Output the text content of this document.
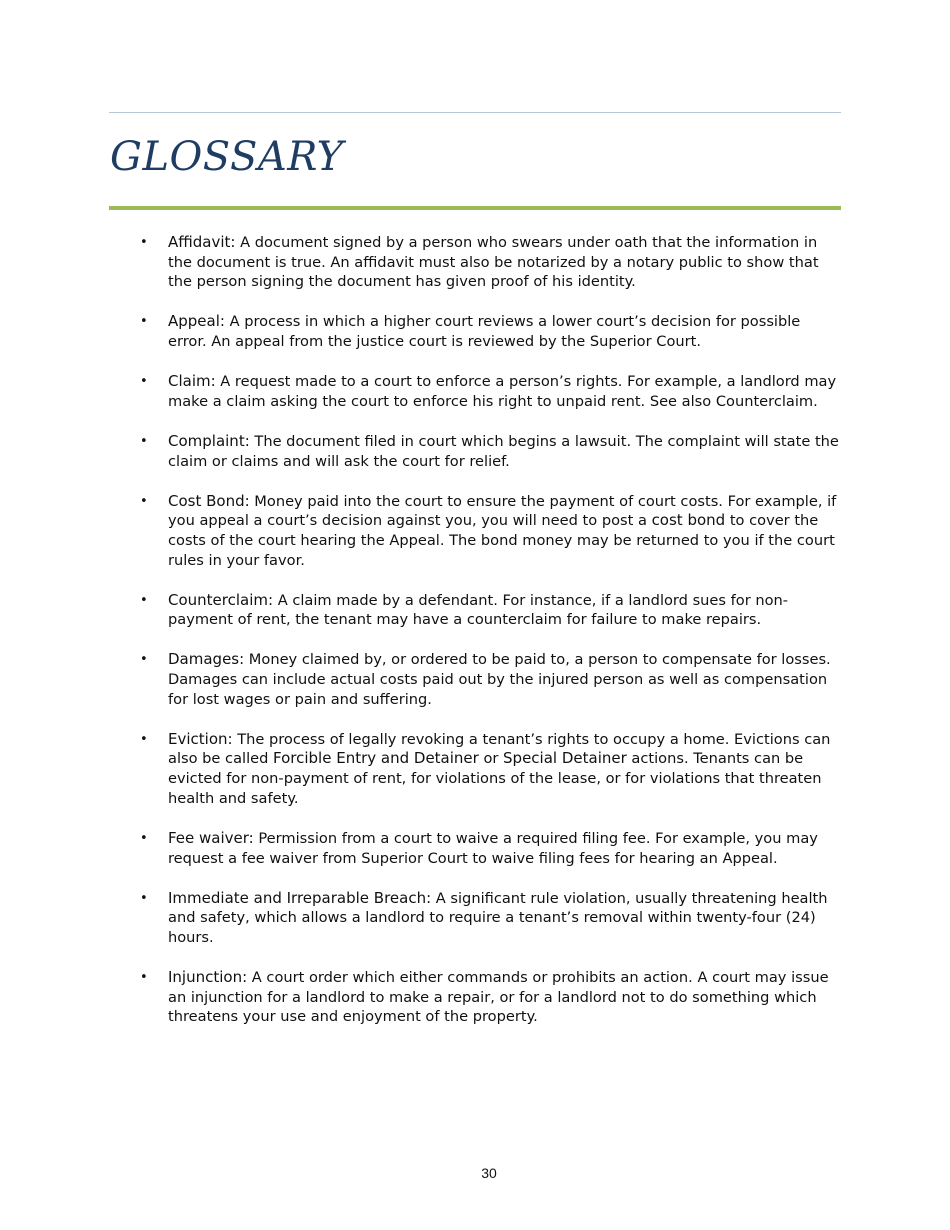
GLOSSARY
• Affidavit: A document signed by a person who swears under oath that the information in the document is true. An affidavit must also be notarized by a notary public to show that the person signing the document has given proof of his identity.
• Appeal: A process in which a higher court reviews a lower court’s decision for possible error. An appeal from the justice court is reviewed by the Superior Court.
• Claim: A request made to a court to enforce a person’s rights. For example, a landlord may make a claim asking the court to enforce his right to unpaid rent. See also Counterclaim.
• Complaint: The document filed in court which begins a lawsuit. The complaint will state the claim or claims and will ask the court for relief.
• Cost Bond: Money paid into the court to ensure the payment of court costs. For example, if you appeal a court’s decision against you, you will need to post a cost bond to cover the costs of the court hearing the Appeal. The bond money may be returned to you if the court rules in your favor.
• Counterclaim: A claim made by a defendant. For instance, if a landlord sues for non-payment of rent, the tenant may have a counterclaim for failure to make repairs.
• Damages: Money claimed by, or ordered to be paid to, a person to compensate for losses. Damages can include actual costs paid out by the injured person as well as compensation for lost wages or pain and suffering.
• Eviction: The process of legally revoking a tenant’s rights to occupy a home. Evictions can also be called Forcible Entry and Detainer or Special Detainer actions. Tenants can be evicted for non-payment of rent, for violations of the lease, or for violations that threaten health and safety.
• Fee waiver: Permission from a court to waive a required filing fee. For example, you may request a fee waiver from Superior Court to waive filing fees for hearing an Appeal.
• Immediate and Irreparable Breach: A significant rule violation, usually threatening health and safety, which allows a landlord to require a tenant’s removal within twenty-four (24) hours.
• Injunction: A court order which either commands or prohibits an action. A court may issue an injunction for a landlord to make a repair, or for a landlord not to do something which threatens your use and enjoyment of the property.
30
